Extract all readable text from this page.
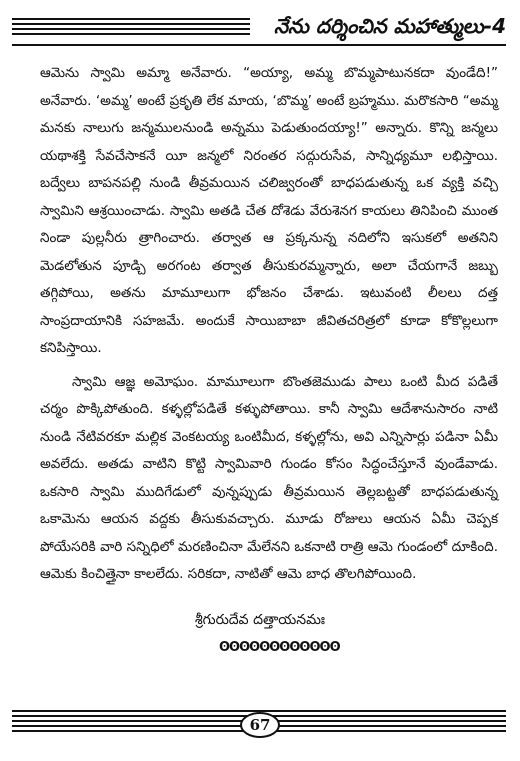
నేను దర్శించిన మహాత్ములు-4

ఆమెను స్వామి అమ్మా అనేవారు. “అయ్యా, అమ్మ బొమ్మపాటునకదా వుండేది!” అనేవారు. ‘అమ్మ’ అంటే ప్రకృతి లేక మాయ, ‘బొమ్మ’ అంటే బ్రహ్మము. మరొకసారి “అమ్మ మనకు నాలుగు జన్మములనుండి అన్నము పెడుతుందయ్యా!” అన్నారు. కొన్ని జన్మలు యథాశక్తి సేవచేసాకనే యీ జన్మలో నిరంతర సద్గురుసేవ, సాన్నిధ్యమూ లభిస్తాయి. బద్వేలు బాపనపల్లి నుండి తీవ్రమయిన చలిజ్వరంతో బాధపడుతున్న ఒక వ్యక్తి వచ్చి స్వామిని ఆశ్రయించాడు. స్వామి అతడి చేత దోశెడు వేరుశెనగ కాయలు తినిపించి ముంత నిండా పుల్లనీరు త్రాగించారు. తర్వాత ఆ ప్రక్కనున్న నదిలోని ఇసుకలో అతనిని మెడలోతున పూడ్చి అరగంట తర్వాత తీసుకురమ్మన్నారు, అలా చేయగానే జబ్బు తగ్గిపోయి, అతను మామూలుగా భోజనం చేశాడు. ఇటువంటి లీలలు దత్త సాంప్రదాయానికి సహజమే. అందుకే సాయిబాబా జీవితచరిత్రలో కూడా కోకొల్లలుగా కనిపిస్తాయి.

స్వామి ఆజ్ఞ అమోఘం. మామూలుగా బొంతజెముడు పాలు ఒంటి మీద పడితే చర్మం పొక్కిపోతుంది. కళ్ళల్లోపడితే కళ్ళుపోతాయి. కానీ స్వామి ఆదేశానుసారం నాటి నుండి నేటివరకూ మల్లిక వెంకటయ్య ఒంటిమీద, కళ్ళల్లోను, అవి ఎన్నిసార్లు పడినా ఏమీ అవలేదు. అతడు వాటిని కొట్టి స్వామివారి గుండం కోసం సిద్ధంచేస్తూనే వుండేవాడు. ఒకసారి స్వామి ముదిగేడులో వున్నప్పుడు తీవ్రమయిన తెల్లబట్టతో బాధపడుతున్న ఒకామెను ఆయన వద్దకు తీసుకువచ్చారు. మూడు రోజులు ఆయన ఏమీ చెప్పక పోయేసరికి వారి సన్నిధిలో మరణించినా మేలేనని ఒకనాటి రాత్రి ఆమె గుండంలో దూకింది. ఆమెకు కించిత్తైనా కాలలేదు. సరికదా, నాటితో ఆమె బాధ తొలగిపోయింది.

శ్రీగురుదేవ దత్తాయనమః
ʘʘʘʘʘʘʘʘʘʘʘʘ
67
